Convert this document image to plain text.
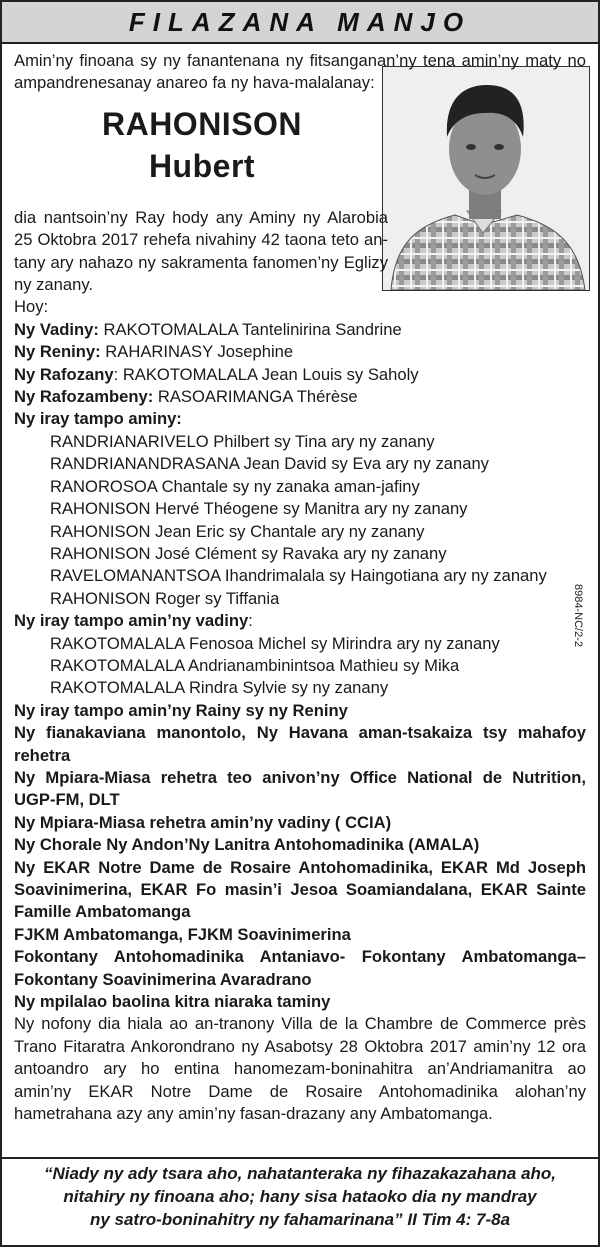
FILAZANA MANJO
Amin’ny finoana sy ny fanantenana ny fitsanganan’ny tena amin’ny maty no ampandrenesanay anareo fa ny hava-malalanay:
RAHONISON
Hubert
dia nantsoin’ny Ray hody any Aminy ny Alarobia 25 Oktobra 2017 rehefa nivahiny 42 taona teto an-tany ary nahazo ny sakramenta fanomen’ny Eglizy ny zanany.
Hoy:
Ny Vadiny: RAKOTOMALALA Tantelinirina Sandrine
Ny Reniny: RAHARINASY Josephine
Ny Rafozany: RAKOTOMALALA Jean Louis sy Saholy
Ny Rafozambeny: RASOARIMANGA Thérèse
Ny iray tampo aminy:
RANDRIANARIVELO Philbert sy Tina ary ny zanany
RANDRIANANDRASANA Jean David sy Eva ary ny zanany
RANOROSOA Chantale sy ny zanaka aman-jafiny
RAHONISON Hervé Théogene sy Manitra ary ny zanany
RAHONISON Jean Eric sy Chantale ary ny zanany
RAHONISON José Clément sy Ravaka ary ny zanany
RAVELOMANANTSOA Ihandrimalala sy Haingotiana ary ny zanany
RAHONISON Roger sy Tiffania
Ny iray tampo amin’ny vadiny:
RAKOTOMALALA Fenosoa Michel sy Mirindra ary ny zanany
RAKOTOMALALA Andrianambinintsoa Mathieu sy Mika
RAKOTOMALALA Rindra Sylvie sy ny zanany
Ny iray tampo amin’ny Rainy sy ny Reniny
Ny fianakaviana manontolo, Ny Havana aman-tsakaiza tsy mahafoy rehetra
Ny Mpiara-Miasa rehetra teo anivon’ny Office National de Nutrition, UGP-FM, DLT
Ny Mpiara-Miasa rehetra amin’ny vadiny ( CCIA)
Ny Chorale Ny Andon’Ny Lanitra Antohomadinika (AMALA)
Ny EKAR Notre Dame de Rosaire Antohomadinika, EKAR Md Joseph Soavinimerina, EKAR Fo masin’i Jesoa Soamiandalana, EKAR Sainte Famille Ambatomanga
FJKM Ambatomanga, FJKM Soavinimerina
Fokontany Antohomadinika Antaniavo- Fokontany Ambatomanga– Fokontany Soavinimerina Avaradrano
Ny mpilalao baolina kitra niaraka taminy
Ny nofony dia hiala ao an-tranony Villa de la Chambre de Commerce près Trano Fitaratra Ankorondrano ny Asabotsy 28 Oktobra 2017 amin’ny 12 ora antoandro ary ho entina hanomezam-boninahitra an’Andriamanitra ao amin’ny EKAR Notre Dame de Rosaire Antohomadinika alohan’ny hametrahana azy any amin’ny fasan-drazany any Ambatomanga.
8984-NC/2-2
“Niady ny ady tsara aho, nahatanteraka ny fihazakazahana aho,
nitahiry ny finoana aho; hany sisa hataoko dia ny mandray
ny satro-boninahitry ny fahamarinana” II Tim 4: 7-8a
